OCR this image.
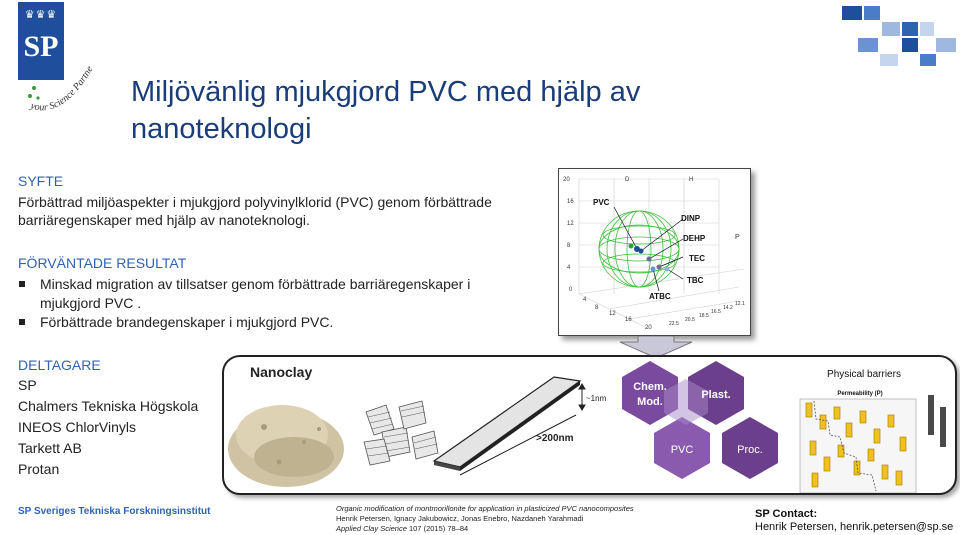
♛♛♛
SP
your Science Partne
Miljövänlig mjukgjord PVC med hjälp av nanoteknologi
SYFTE
Förbättrad miljöaspekter i mjukgjord polyvinylklorid (PVC) genom förbättrade
barriäregenskaper med hjälp av nanoteknologi.
FÖRVÄNTADE RESULTAT
Minskad migration av tillsatser genom förbättrade barriäregenskaper i
mjukgjord PVC .
Förbättrade brandegenskaper i mjukgjord PVC.
DELTAGARE
SP
Chalmers Tekniska Högskola
INEOS ChlorVinyls
Tarkett AB
Protan
20	D	H
16
12
8
4
0
4
8
12
16
20
22.5
20.5
18.5
16.5
14.2
12.1
P
PVC
DINP
DEHP
TEC
TBC
ATBC
Nanoclay
~1nm
>200nm
Chem.
Mod.
Plast.
PVC	Proc.
Physical barriers
Permeability (P)
SP Sveriges Tekniska Forskningsinstitut	Organic modification of montmorillonite for application in plasticized PVC nanocomposites
Henrik Petersen, Ignacy Jakubowicz, Jonas Enebro, Nazdaneh Yarahmadi
Applied Clay Science 107 (2015) 78–84
SP Contact:
Henrik Petersen, henrik.petersen@sp.se
